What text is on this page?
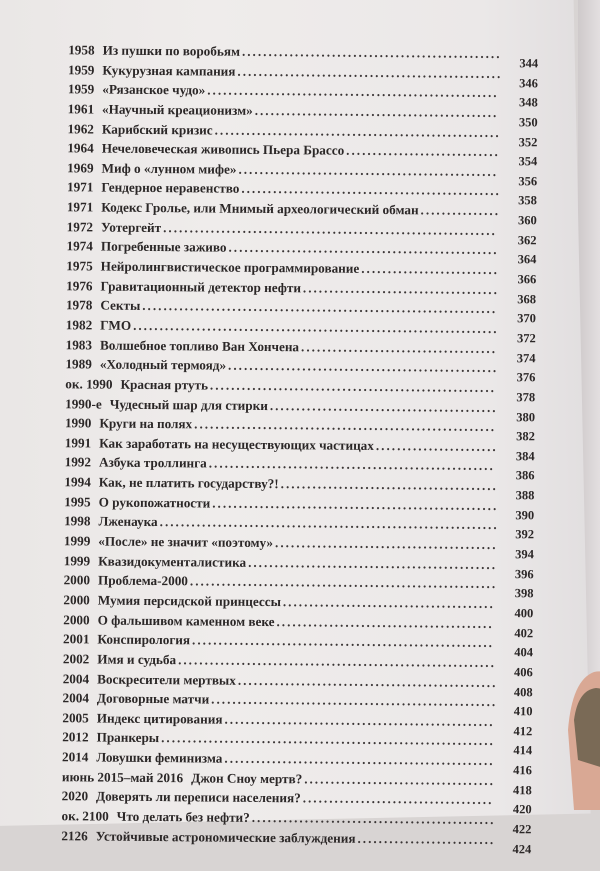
1958 Из пушки по воробьям .................................................
344
1959 Кукурузная кампания ..................................................
346
1959 «Рязанское чудо» .......................................................
348
1961 «Научный креационизм» ..............................................
350
1962 Карибский кризис ......................................................
352
1964 Нечеловеческая живопись Пьера Брассо .............................
354
1969 Миф о «лунном мифе» .................................................
356
1971 Гендерное неравенство .................................................
358
1971 Кодекс Гролье, или Мнимый археологический обман ...............
360
1972 Уотергейт ...............................................................
362
1974 Погребенные заживо ...................................................
364
1975 Нейролингвистическое программирование ..........................
366
1976 Гравитационный детектор нефти .....................................
368
1978 Секты ...................................................................
370
1982 ГМО .....................................................................
372
1983 Волшебное топливо Ван Хончена .....................................
374
1989 «Холодный термояд» ...................................................
376
ок. 1990 Красная ртуть ......................................................
378
1990-е Чудесный шар для стирки ...........................................
380
1990 Круги на полях .........................................................
382
1991 Как заработать на несуществующих частицах .......................
384
1992 Азбука троллинга ......................................................
386
1994 Как, не платить государству?! .........................................
388
1995 О рукопожатности ......................................................
390
1998 Лженаука ................................................................
392
1999 «После» не значит «поэтому» ..........................................
394
1999 Квазидокументалистика ...............................................
396
2000 Проблема-2000 ..........................................................
398
2000 Мумия персидской принцессы ........................................
400
2000 О фальшивом каменном веке .........................................
402
2001 Конспирология .........................................................
404
2002 Имя и судьба ............................................................
406
2004 Воскресители мертвых .................................................
408
2004 Договорные матчи ......................................................
410
2005 Индекс цитирования ...................................................
412
2012 Пранкеры ...............................................................
414
2014 Ловушки феминизма ...................................................
416
июнь 2015–май 2016 Джон Сноу мертв? ....................................
418
2020 Доверять ли переписи населения? ....................................
420
ок. 2100 Что делать без нефти? ..............................................
422
2126 Устойчивые астрономические заблуждения ..........................
424
